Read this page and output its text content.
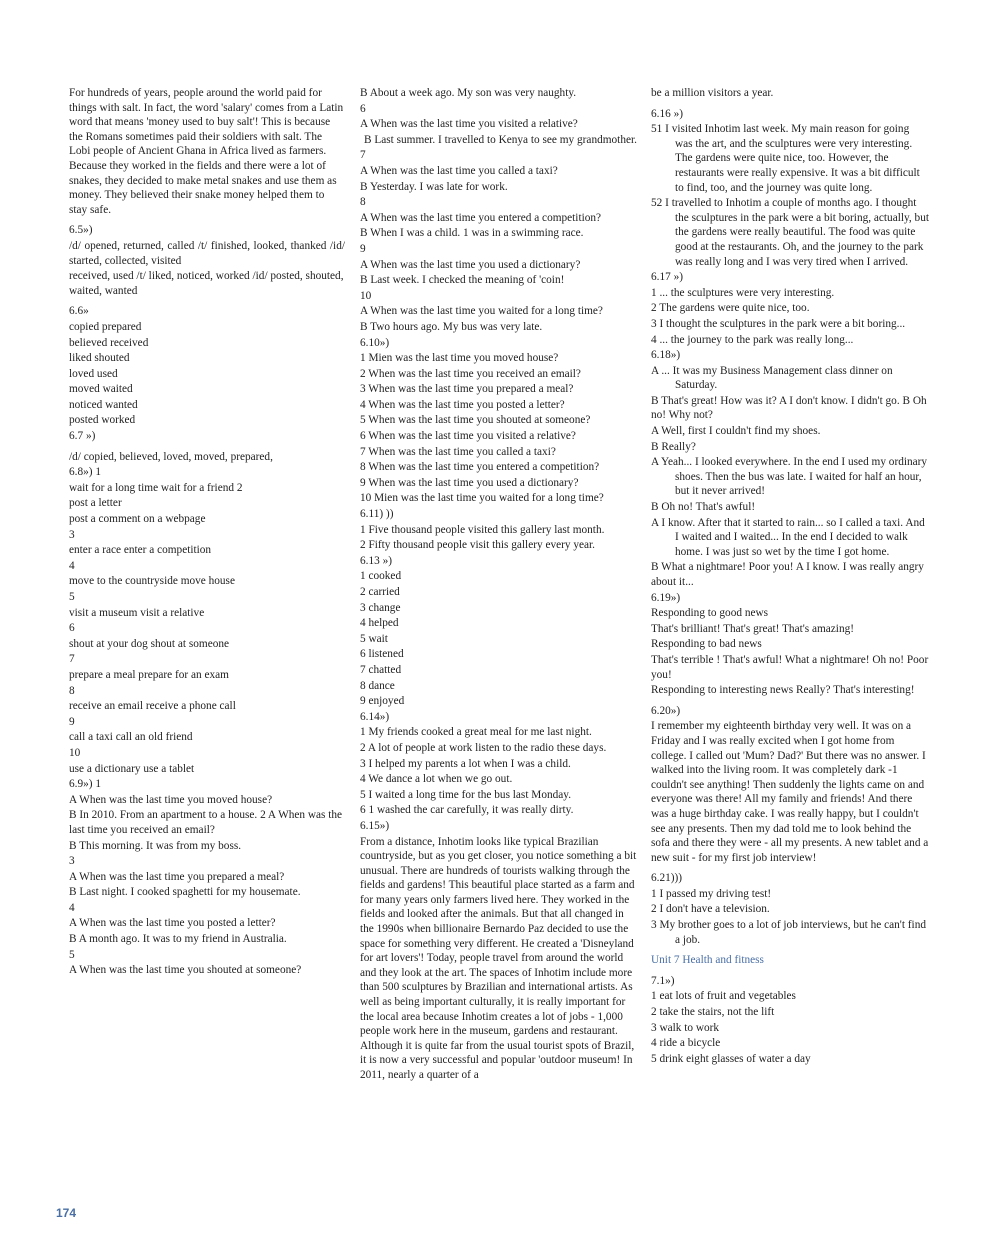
For hundreds of years, people around the world paid for things with salt. In fact, the word 'salary' comes from a Latin word that means 'money used to buy salt'! This is because the Romans sometimes paid their soldiers with salt. The Lobi people of Ancient Ghana in Africa lived as farmers. Because they worked in the fields and there were a lot of snakes, they decided to make metal snakes and use them as money. They believed their snake money helped them to stay safe.

6.5»)

/d/ opened, returned, called /t/ finished, looked, thanked /id/ started, collected, visited

received, used /t/ liked, noticed, worked /id/ posted, shouted, waited, wanted

6.6»

copied prepared

believed received

liked shouted

loved used

moved waited

noticed wanted

posted worked

6.7 »)

/d/ copied, believed, loved, moved, prepared,

6.8») 1

wait for a long time wait for a friend 2

post a letter

post a comment on a webpage

3

enter a race enter a competition

4

move to the countryside move house

5

visit a museum visit a relative

6

shout at your dog shout at someone

7

prepare a meal prepare for an exam

8

receive an email receive a phone call

9

call a taxi call an old friend

10

use a dictionary use a tablet

6.9») 1

A When was the last time you moved house?

B In 2010. From an apartment to a house. 2 A When was the last time you received an email?

B This morning. It was from my boss.

3

A When was the last time you prepared a meal?

B Last night. I cooked spaghetti for my housemate.

4

A When was the last time you posted a letter?

B A month ago. It was to my friend in Australia.

5

A When was the last time you shouted at someone?

B About a week ago. My son was very naughty.

6

A When was the last time you visited a relative?

B Last summer. I travelled to Kenya to see my grandmother.

7

A When was the last time you called a taxi?

B Yesterday. I was late for work.

8

A When was the last time you entered a competition?

B When I was a child. 1 was in a swimming race.

9

A When was the last time you used a dictionary?

B Last week. I checked the meaning of 'coin!

10

A When was the last time you waited for a long time?

B Two hours ago. My bus was very late.

6.10»)

1 Mien was the last time you moved house?

2 When was the last time you received an email?

3 When was the last time you prepared a meal?

4 When was the last time you posted a letter?

5 When was the last time you shouted at someone?

6 When was the last time you visited a relative?

7 When was the last time you called a taxi?

8 When was the last time you entered a competition?

9 When was the last time you used a dictionary?

10 Mien was the last time you waited for a long time?

6.11) ))

1 Five thousand people visited this gallery last month.

2 Fifty thousand people visit this gallery every year.

6.13 »)

1 cooked

2 carried

3 change

4 helped

5 wait

6 listened

7 chatted

8 dance

9 enjoyed

6.14»)

1 My friends cooked a great meal for me last night.

2 A lot of people at work listen to the radio these days.

3 I helped my parents a lot when I was a child.

4 We dance a lot when we go out.

5 I waited a long time for the bus last Monday.

6 1 washed the car carefully, it was really dirty.

6.15»)

From a distance, Inhotim looks like typical Brazilian countryside, but as you get closer, you notice something a bit unusual. There are hundreds of tourists walking through the fields and gardens! This beautiful place started as a farm and for many years only farmers lived here. They worked in the fields and looked after the animals. But that all changed in the 1990s when billionaire Bernardo Paz decided to use the space for something very different. He created a 'Disneyland for art lovers'! Today, people travel from around the world and they look at the art. The spaces of Inhotim include more than 500 sculptures by Brazilian and international artists. As well as being important culturally, it is really important for the local area because Inhotim creates a lot of jobs - 1,000 people work here in the museum, gardens and restaurant. Although it is quite far from the usual tourist spots of Brazil, it is now a very successful and popular 'outdoor museum! In 2011, nearly a quarter of a

be a million visitors a year.

6.16 »)

51 I visited Inhotim last week. My main reason for going was the art, and the sculptures were very interesting. The gardens were quite nice, too. However, the restaurants were really expensive. It was a bit difficult to find, too, and the journey was quite long.

52 I travelled to Inhotim a couple of months ago. I thought the sculptures in the park were a bit boring, actually, but the gardens were really beautiful. The food was quite good at the restaurants. Oh, and the journey to the park was really long and I was very tired when I arrived.

6.17 »)

1 ... the sculptures were very interesting.

2 The gardens were quite nice, too.

3 I thought the sculptures in the park were a bit boring...

4 ... the journey to the park was really long...

6.18»)

A ... It was my Business Management class dinner on Saturday.

B That's great! How was it? A I don't know. I didn't go. B Oh no! Why not?

A Well, first I couldn't find my shoes.

B Really?

A Yeah... I looked everywhere. In the end I used my ordinary shoes. Then the bus was late. I waited for half an hour, but it never arrived!

B Oh no! That's awful!

A I know. After that it started to rain... so I called a taxi. And I waited and I waited... In the end I decided to walk home. I was just so wet by the time I got home.

B What a nightmare! Poor you! A I know. I was really angry about it...

6.19»)

Responding to good news

That's brilliant! That's great! That's amazing!

Responding to bad news

That's terrible ! That's awful! What a nightmare! Oh no! Poor you!

Responding to interesting news Really? That's interesting!

6.20»)

I remember my eighteenth birthday very well. It was on a Friday and I was really excited when I got home from college. I called out 'Mum? Dad?' But there was no answer. I walked into the living room. It was completely dark -1 couldn't see anything! Then suddenly the lights came on and everyone was there! All my family and friends! And there was a huge birthday cake. I was really happy, but I couldn't see any presents. Then my dad told me to look behind the sofa and there they were - all my presents. A new tablet and a new suit - for my first job interview!

6.21)))

1 I passed my driving test!

2 I don't have a television.

3 My brother goes to a lot of job interviews, but he can't find a job.

Unit 7 Health and fitness

7.1»)

1 eat lots of fruit and vegetables

2 take the stairs, not the lift

3 walk to work

4 ride a bicycle

5 drink eight glasses of water a day

174
